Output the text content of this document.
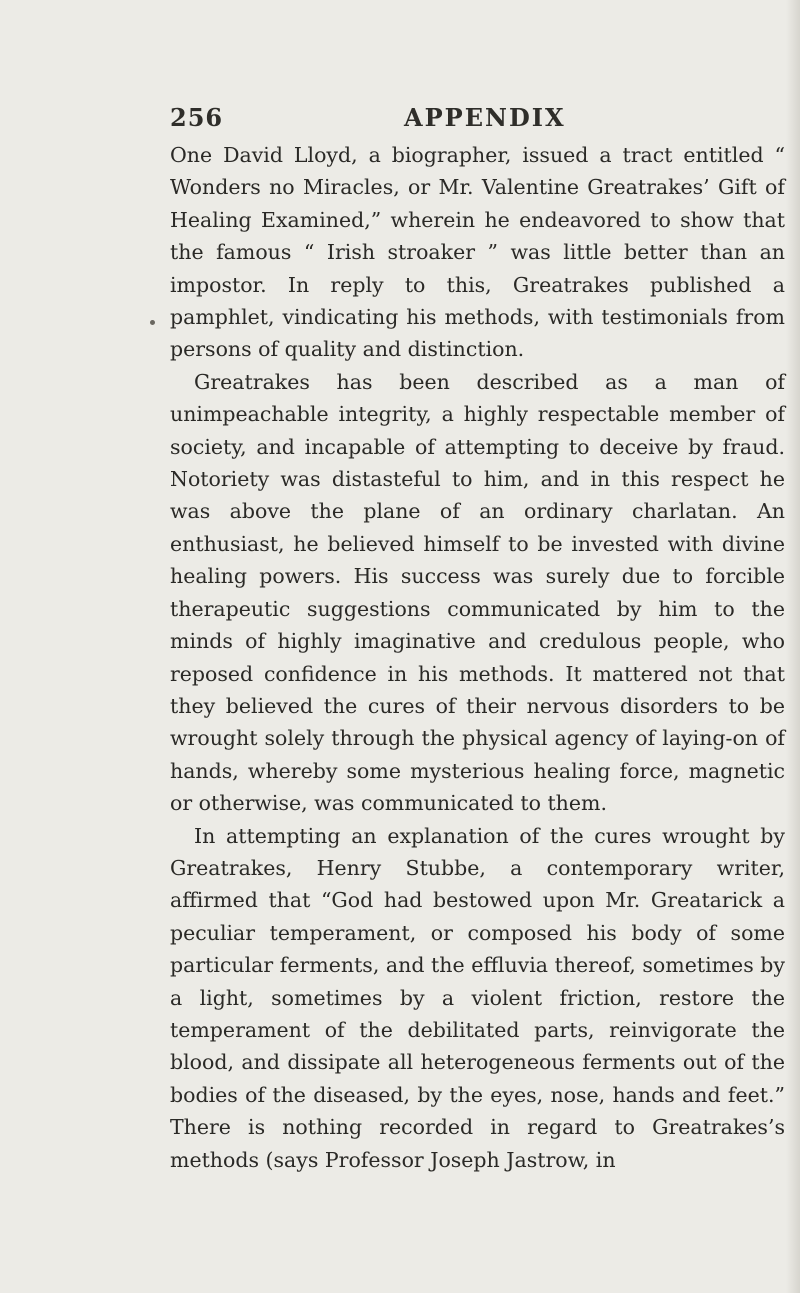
256	APPENDIX

One David Lloyd, a biographer, issued a tract entitled “ Wonders no Miracles, or Mr. Valentine Greatrakes’ Gift of Healing Examined,” wherein he endeavored to show that the famous “ Irish stroaker ” was little better than an impostor. In reply to this, Greatrakes published a pamphlet, vindicating his methods, with testimonials from persons of quality and distinction.

Greatrakes has been described as a man of unimpeachable integrity, a highly respectable member of society, and incapable of attempting to deceive by fraud. Notoriety was distasteful to him, and in this respect he was above the plane of an ordinary charlatan. An enthusiast, he believed himself to be invested with divine healing powers. His success was surely due to forcible therapeutic suggestions communicated by him to the minds of highly imaginative and credulous people, who reposed confidence in his methods. It mattered not that they believed the cures of their nervous disorders to be wrought solely through the physical agency of laying-on of hands, whereby some mysterious healing force, magnetic or otherwise, was communicated to them.

In attempting an explanation of the cures wrought by Greatrakes, Henry Stubbe, a contemporary writer, affirmed that “God had bestowed upon Mr. Greatarick a peculiar temperament, or composed his body of some particular ferments, and the effluvia thereof, sometimes by a light, sometimes by a violent friction, restore the temperament of the debilitated parts, reinvigorate the blood, and dissipate all heterogeneous ferments out of the bodies of the diseased, by the eyes, nose, hands and feet.” There is nothing recorded in regard to Greatrakes’s methods (says Professor Joseph Jastrow, in
